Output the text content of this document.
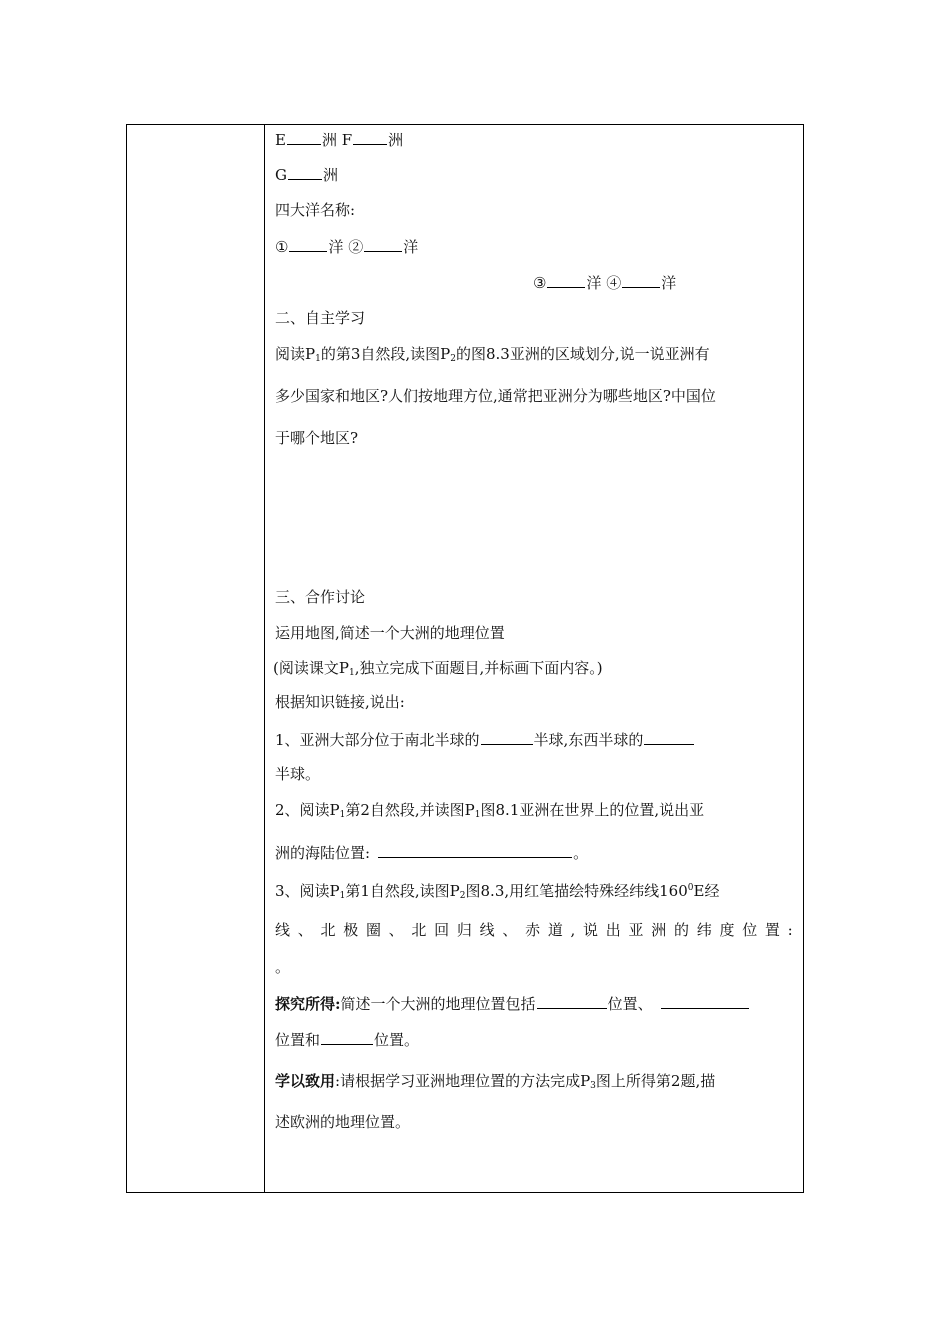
E 洲 F 洲
G 洲
四大洋名称:
①	洋 ②	洋
③	洋 ④	洋
二、自主学习
阅读$P_1$的第3自然段,读图$P_2$的图8.3亚洲的区域划分,说一说亚洲有
多少国家和地区?人们按地理方位,通常把亚洲分为哪些地区?中国位
于哪个地区?
三、合作讨论
运用地图,简述一个大洲的地理位置
(阅读课文$P_1$,独立完成下面题目,并标画下面内容。)
根据知识链接,说出:
1、亚洲大部分位于南北半球的	半球,东西半球的
半球。
2、阅读$P_1$第2自然段,并读图$P_1$图8.1亚洲在世界上的位置,说出亚
洲的海陆位置:	。
3、阅读$P_1$第1自然段,读图$P_2$图8.3,用红笔描绘特殊经纬线$160^0E$经
线 、 北 极 圈 、 北 回 归 线 、 赤 道 , 说 出 亚 洲 的 纬 度 位 置 :
。
探究所得:简述一个大洲的地理位置包括	位置、
位置和	位置。
学以致用:请根据学习亚洲地理位置的方法完成$P_3$图上所得第2题,描
述欧洲的地理位置。
